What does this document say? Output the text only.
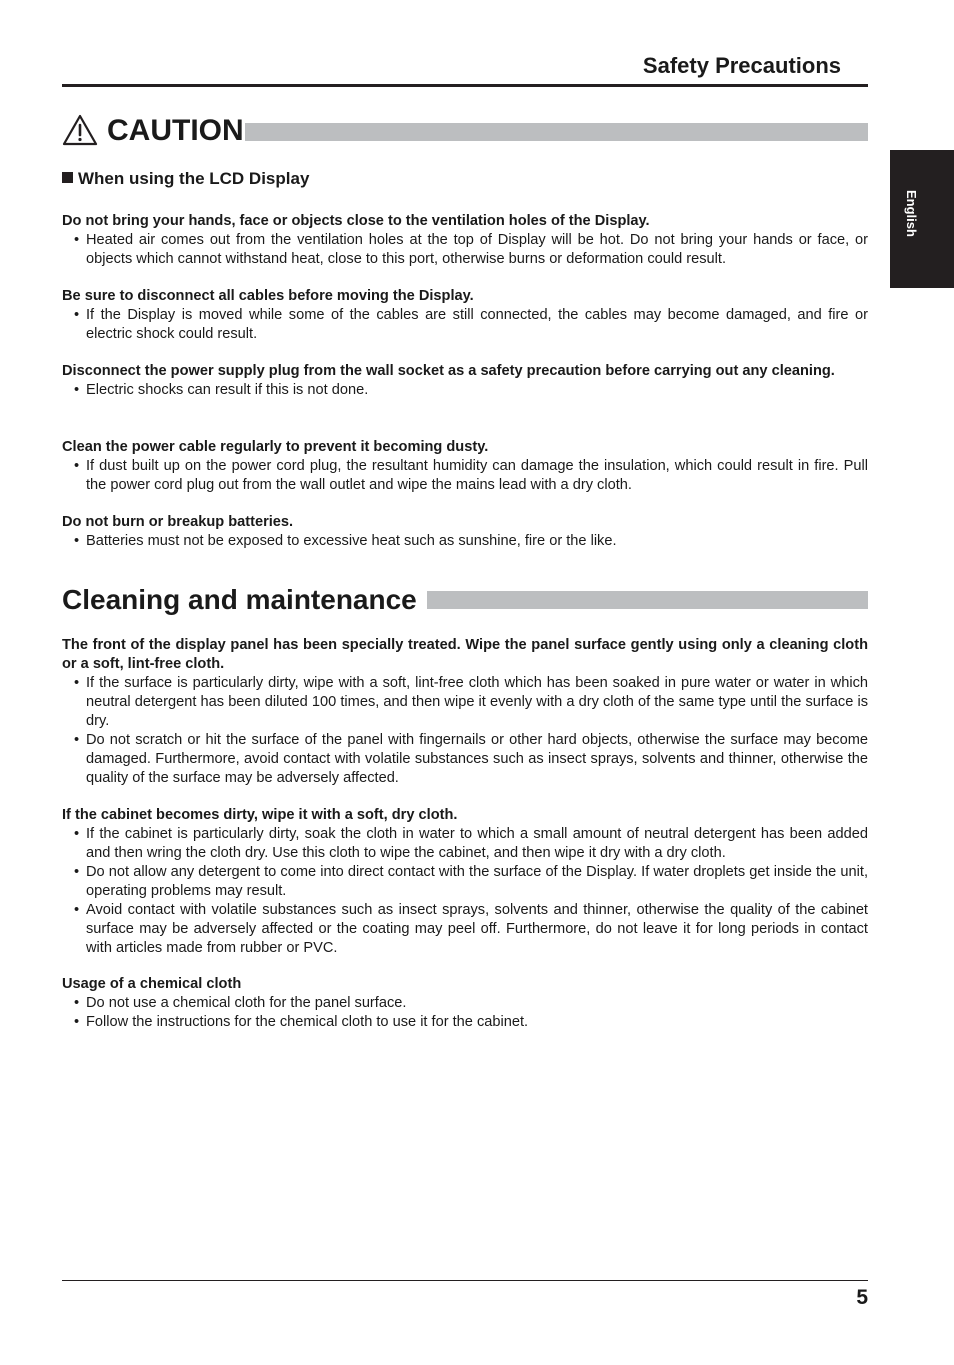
Safety Precautions
English
CAUTION
When using the LCD Display
Do not bring your hands, face or objects close to the ventilation holes of the Display.
• Heated air comes out from the ventilation holes at the top of Display will be hot. Do not bring your hands or face, or objects which cannot withstand heat, close to this port, otherwise burns or deformation could result.
Be sure to disconnect all cables before moving the Display.
• If the Display is moved while some of the cables are still connected, the cables may become damaged, and fire or electric shock could result.
Disconnect the power supply plug from the wall socket as a safety precaution before carrying out any cleaning.
• Electric shocks can result if this is not done.
Clean the power cable regularly to prevent it becoming dusty.
• If dust built up on the power cord plug, the resultant humidity can damage the insulation, which could result in fire. Pull the power cord plug out from the wall outlet and wipe the mains lead with a dry cloth.
Do not burn or breakup batteries.
• Batteries must not be exposed to excessive heat such as sunshine, fire or the like.
Cleaning and maintenance
The front of the display panel has been specially treated. Wipe the panel surface gently using only a cleaning cloth or a soft, lint-free cloth.
• If the surface is particularly dirty, wipe with a soft, lint-free cloth which has been soaked in pure water or water in which neutral detergent has been diluted 100 times, and then wipe it evenly with a dry cloth of the same type until the surface is dry.
• Do not scratch or hit the surface of the panel with fingernails or other hard objects, otherwise the surface may become damaged. Furthermore, avoid contact with volatile substances such as insect sprays, solvents and thinner, otherwise the quality of the surface may be adversely affected.
If the cabinet becomes dirty, wipe it with a soft, dry cloth.
• If the cabinet is particularly dirty, soak the cloth in water to which a small amount of neutral detergent has been added and then wring the cloth dry. Use this cloth to wipe the cabinet, and then wipe it dry with a dry cloth.
• Do not allow any detergent to come into direct contact with the surface of the Display. If water droplets get inside the unit, operating problems may result.
• Avoid contact with volatile substances such as insect sprays, solvents and thinner, otherwise the quality of the cabinet surface may be adversely affected or the coating may peel off. Furthermore, do not leave it for long periods in contact with articles made from rubber or PVC.
Usage of a chemical cloth
• Do not use a chemical cloth for the panel surface.
• Follow the instructions for the chemical cloth to use it for the cabinet.
5
